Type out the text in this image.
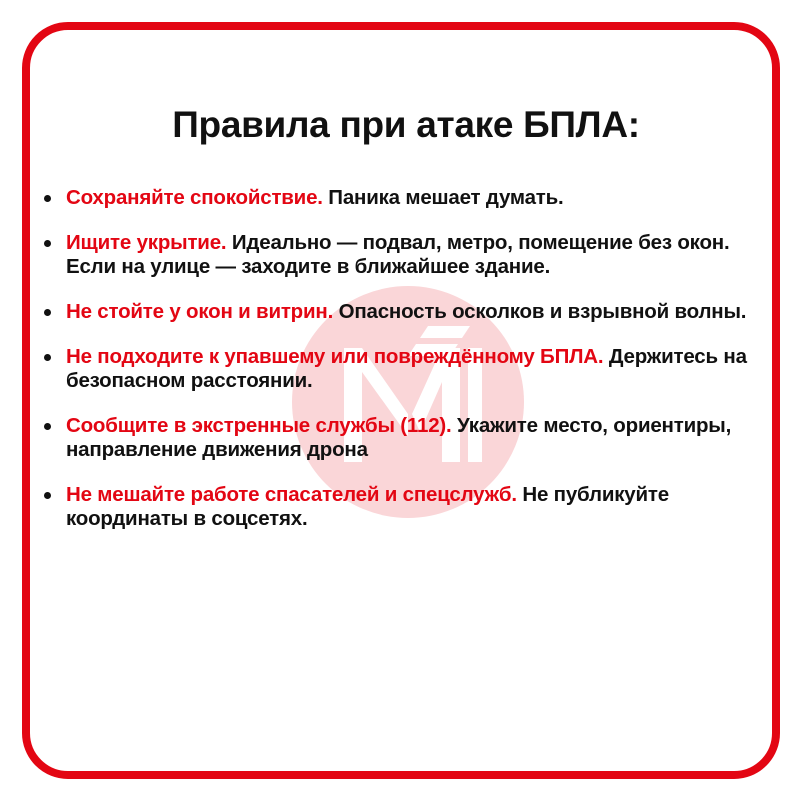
Правила при атаке БПЛА:
Сохраняйте спокойствие. Паника мешает думать.
Ищите укрытие. Идеально — подвал, метро, помещение без окон. Если на улице — заходите в ближайшее здание.
Не стойте у окон и витрин. Опасность осколков и взрывной волны.
Не подходите к упавшему или повреждённому БПЛА. Держитесь на безопасном расстоянии.
Сообщите в экстренные службы (112). Укажите место, ориентиры, направление движения дрона
Не мешайте работе спасателей и спецслужб. Не публикуйте координаты в соцсетях.
